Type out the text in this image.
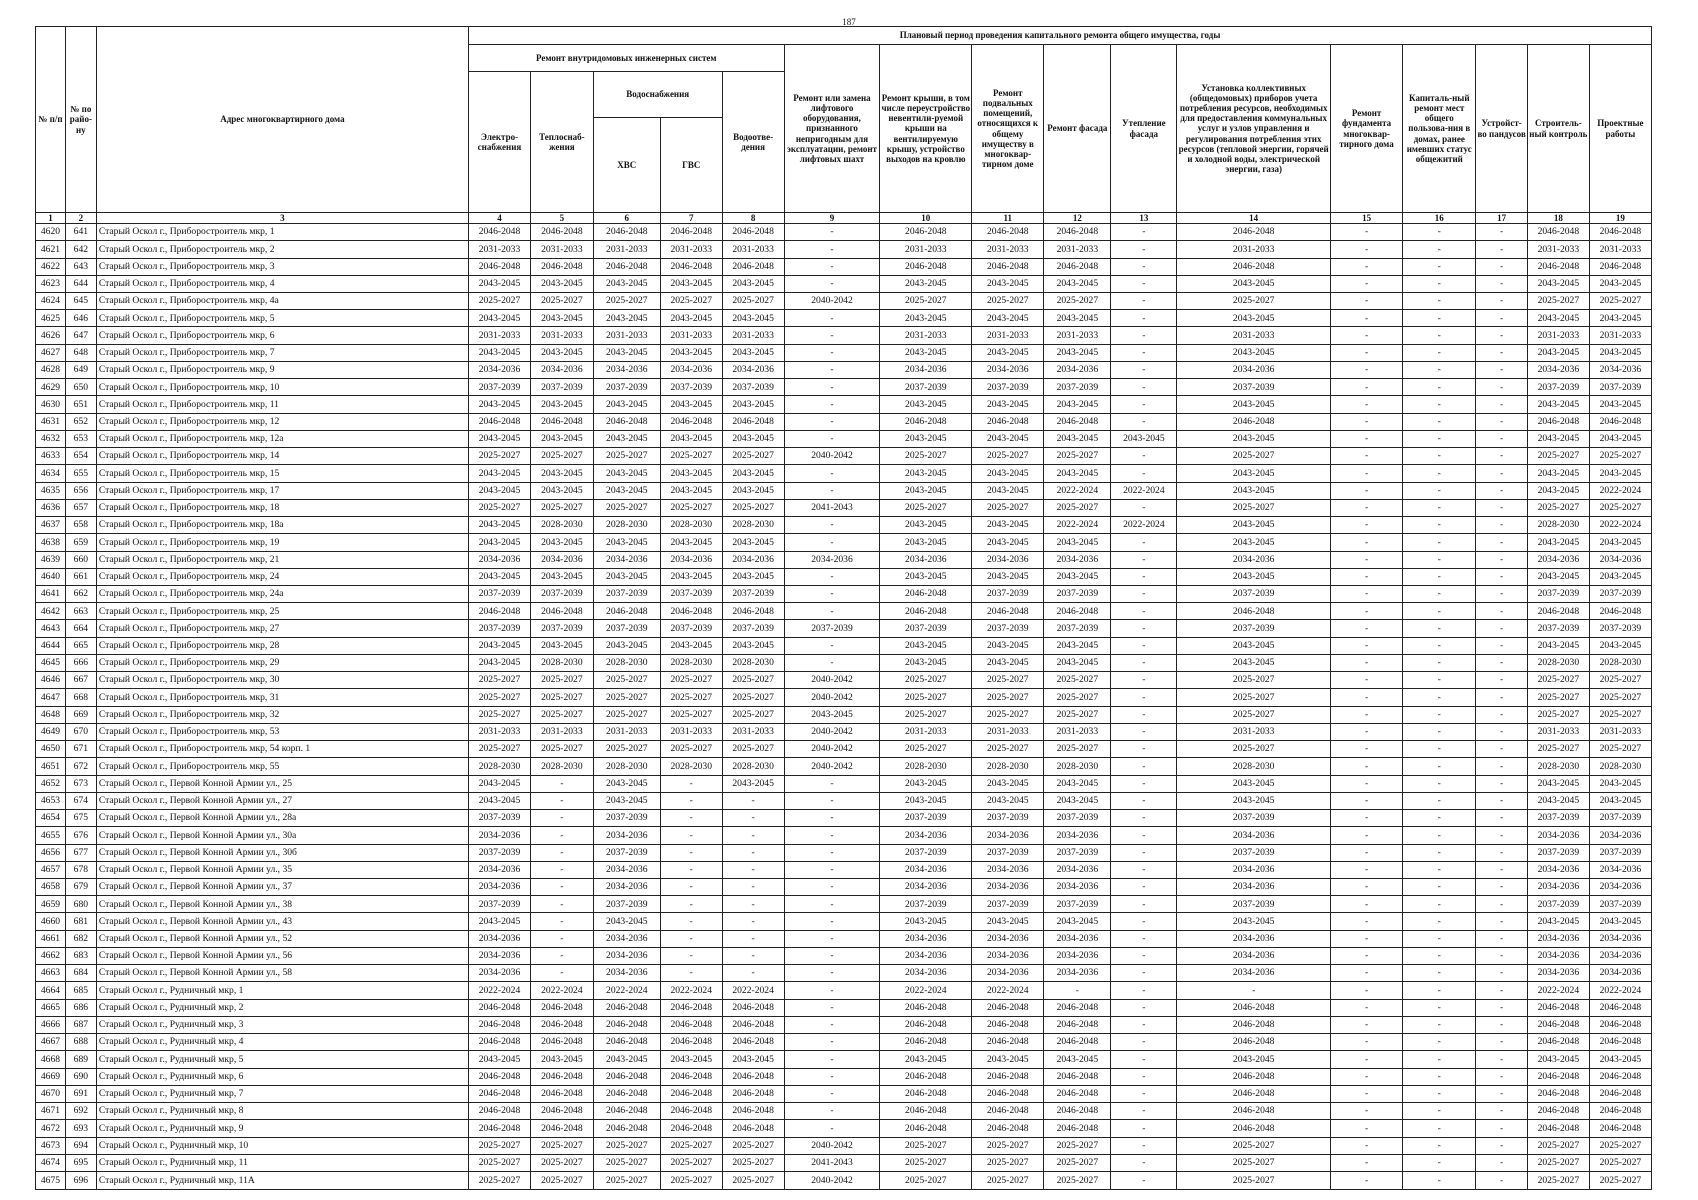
187
№ п/п	№ по райо-ну	Адрес многоквартирного дома	Плановый период проведения капитального ремонта общего имущества, годы															
			Ремонт внутридомовых инженерных систем					Ремонт или замена лифтового оборудования, признанного непригодным для эксплуатации, ремонт лифтовых шахт	Ремонт крыши, в том числе переустройство невентили-руемой крыши на вентилируемую крышу, устройство выходов на кровлю	Ремонт подвальных помещений, относящихся к общему имуществу в многоквар-тирном доме	Ремонт фасада	Утепление фасада	Установка коллективных (общедомовых) приборов учета потребления ресурсов, необходимых для предоставления коммунальных услуг и узлов управления и регулирования потребления этих ресурсов (тепловой энергии, горячей и холодной воды, электрической энергии, газа)	Ремонт фундамента многоквар-тирного дома	Капиталь-ный ремонт мест общего пользова-ния в домах, ранее имевших статус общежитий	Устройст-во пандусов	Строитель-ный контроль	Проектные работы
			Электро-снабжения	Теплоснаб-жения	Водоснабжения		Водоотве-дения											
					ХВС	ГВС												
1	2	3	4	5	6	7	8	9	10	11	12	13	14	15	16	17	18	19
4620	641	Старый Оскол г., Приборостроитель мкр, 1	2046-2048	2046-2048	2046-2048	2046-2048	2046-2048	-	2046-2048	2046-2048	2046-2048	-	2046-2048	-	-	-	2046-2048	2046-2048
4621	642	Старый Оскол г., Приборостроитель мкр, 2	2031-2033	2031-2033	2031-2033	2031-2033	2031-2033	-	2031-2033	2031-2033	2031-2033	-	2031-2033	-	-	-	2031-2033	2031-2033
4622	643	Старый Оскол г., Приборостроитель мкр, 3	2046-2048	2046-2048	2046-2048	2046-2048	2046-2048	-	2046-2048	2046-2048	2046-2048	-	2046-2048	-	-	-	2046-2048	2046-2048
4623	644	Старый Оскол г., Приборостроитель мкр, 4	2043-2045	2043-2045	2043-2045	2043-2045	2043-2045	-	2043-2045	2043-2045	2043-2045	-	2043-2045	-	-	-	2043-2045	2043-2045
4624	645	Старый Оскол г., Приборостроитель мкр, 4а	2025-2027	2025-2027	2025-2027	2025-2027	2025-2027	2040-2042	2025-2027	2025-2027	2025-2027	-	2025-2027	-	-	-	2025-2027	2025-2027
4625	646	Старый Оскол г., Приборостроитель мкр, 5	2043-2045	2043-2045	2043-2045	2043-2045	2043-2045	-	2043-2045	2043-2045	2043-2045	-	2043-2045	-	-	-	2043-2045	2043-2045
4626	647	Старый Оскол г., Приборостроитель мкр, 6	2031-2033	2031-2033	2031-2033	2031-2033	2031-2033	-	2031-2033	2031-2033	2031-2033	-	2031-2033	-	-	-	2031-2033	2031-2033
4627	648	Старый Оскол г., Приборостроитель мкр, 7	2043-2045	2043-2045	2043-2045	2043-2045	2043-2045	-	2043-2045	2043-2045	2043-2045	-	2043-2045	-	-	-	2043-2045	2043-2045
4628	649	Старый Оскол г., Приборостроитель мкр, 9	2034-2036	2034-2036	2034-2036	2034-2036	2034-2036	-	2034-2036	2034-2036	2034-2036	-	2034-2036	-	-	-	2034-2036	2034-2036
4629	650	Старый Оскол г., Приборостроитель мкр, 10	2037-2039	2037-2039	2037-2039	2037-2039	2037-2039	-	2037-2039	2037-2039	2037-2039	-	2037-2039	-	-	-	2037-2039	2037-2039
4630	651	Старый Оскол г., Приборостроитель мкр, 11	2043-2045	2043-2045	2043-2045	2043-2045	2043-2045	-	2043-2045	2043-2045	2043-2045	-	2043-2045	-	-	-	2043-2045	2043-2045
4631	652	Старый Оскол г., Приборостроитель мкр, 12	2046-2048	2046-2048	2046-2048	2046-2048	2046-2048	-	2046-2048	2046-2048	2046-2048	-	2046-2048	-	-	-	2046-2048	2046-2048
4632	653	Старый Оскол г., Приборостроитель мкр, 12а	2043-2045	2043-2045	2043-2045	2043-2045	2043-2045	-	2043-2045	2043-2045	2043-2045	2043-2045	2043-2045	-	-	-	2043-2045	2043-2045
4633	654	Старый Оскол г., Приборостроитель мкр, 14	2025-2027	2025-2027	2025-2027	2025-2027	2025-2027	2040-2042	2025-2027	2025-2027	2025-2027	-	2025-2027	-	-	-	2025-2027	2025-2027
4634	655	Старый Оскол г., Приборостроитель мкр, 15	2043-2045	2043-2045	2043-2045	2043-2045	2043-2045	-	2043-2045	2043-2045	2043-2045	-	2043-2045	-	-	-	2043-2045	2043-2045
4635	656	Старый Оскол г., Приборостроитель мкр, 17	2043-2045	2043-2045	2043-2045	2043-2045	2043-2045	-	2043-2045	2043-2045	2022-2024	2022-2024	2043-2045	-	-	-	2043-2045	2022-2024
4636	657	Старый Оскол г., Приборостроитель мкр, 18	2025-2027	2025-2027	2025-2027	2025-2027	2025-2027	2041-2043	2025-2027	2025-2027	2025-2027	-	2025-2027	-	-	-	2025-2027	2025-2027
4637	658	Старый Оскол г., Приборостроитель мкр, 18а	2043-2045	2028-2030	2028-2030	2028-2030	2028-2030	-	2043-2045	2043-2045	2022-2024	2022-2024	2043-2045	-	-	-	2028-2030	2022-2024
4638	659	Старый Оскол г., Приборостроитель мкр, 19	2043-2045	2043-2045	2043-2045	2043-2045	2043-2045	-	2043-2045	2043-2045	2043-2045	-	2043-2045	-	-	-	2043-2045	2043-2045
4639	660	Старый Оскол г., Приборостроитель мкр, 21	2034-2036	2034-2036	2034-2036	2034-2036	2034-2036	2034-2036	2034-2036	2034-2036	2034-2036	-	2034-2036	-	-	-	2034-2036	2034-2036
4640	661	Старый Оскол г., Приборостроитель мкр, 24	2043-2045	2043-2045	2043-2045	2043-2045	2043-2045	-	2043-2045	2043-2045	2043-2045	-	2043-2045	-	-	-	2043-2045	2043-2045
4641	662	Старый Оскол г., Приборостроитель мкр, 24а	2037-2039	2037-2039	2037-2039	2037-2039	2037-2039	-	2046-2048	2037-2039	2037-2039	-	2037-2039	-	-	-	2037-2039	2037-2039
4642	663	Старый Оскол г., Приборостроитель мкр, 25	2046-2048	2046-2048	2046-2048	2046-2048	2046-2048	-	2046-2048	2046-2048	2046-2048	-	2046-2048	-	-	-	2046-2048	2046-2048
4643	664	Старый Оскол г., Приборостроитель мкр, 27	2037-2039	2037-2039	2037-2039	2037-2039	2037-2039	2037-2039	2037-2039	2037-2039	2037-2039	-	2037-2039	-	-	-	2037-2039	2037-2039
4644	665	Старый Оскол г., Приборостроитель мкр, 28	2043-2045	2043-2045	2043-2045	2043-2045	2043-2045	-	2043-2045	2043-2045	2043-2045	-	2043-2045	-	-	-	2043-2045	2043-2045
4645	666	Старый Оскол г., Приборостроитель мкр, 29	2043-2045	2028-2030	2028-2030	2028-2030	2028-2030	-	2043-2045	2043-2045	2043-2045	-	2043-2045	-	-	-	2028-2030	2028-2030
4646	667	Старый Оскол г., Приборостроитель мкр, 30	2025-2027	2025-2027	2025-2027	2025-2027	2025-2027	2040-2042	2025-2027	2025-2027	2025-2027	-	2025-2027	-	-	-	2025-2027	2025-2027
4647	668	Старый Оскол г., Приборостроитель мкр, 31	2025-2027	2025-2027	2025-2027	2025-2027	2025-2027	2040-2042	2025-2027	2025-2027	2025-2027	-	2025-2027	-	-	-	2025-2027	2025-2027
4648	669	Старый Оскол г., Приборостроитель мкр, 32	2025-2027	2025-2027	2025-2027	2025-2027	2025-2027	2043-2045	2025-2027	2025-2027	2025-2027	-	2025-2027	-	-	-	2025-2027	2025-2027
4649	670	Старый Оскол г., Приборостроитель мкр, 53	2031-2033	2031-2033	2031-2033	2031-2033	2031-2033	2040-2042	2031-2033	2031-2033	2031-2033	-	2031-2033	-	-	-	2031-2033	2031-2033
4650	671	Старый Оскол г., Приборостроитель мкр, 54 корп. 1	2025-2027	2025-2027	2025-2027	2025-2027	2025-2027	2040-2042	2025-2027	2025-2027	2025-2027	-	2025-2027	-	-	-	2025-2027	2025-2027
4651	672	Старый Оскол г., Приборостроитель мкр, 55	2028-2030	2028-2030	2028-2030	2028-2030	2028-2030	2040-2042	2028-2030	2028-2030	2028-2030	-	2028-2030	-	-	-	2028-2030	2028-2030
4652	673	Старый Оскол г., Первой Конной Армии ул., 25	2043-2045	-	2043-2045	-	2043-2045	-	2043-2045	2043-2045	2043-2045	-	2043-2045	-	-	-	2043-2045	2043-2045
4653	674	Старый Оскол г., Первой Конной Армии ул., 27	2043-2045	-	2043-2045	-	-	-	2043-2045	2043-2045	2043-2045	-	2043-2045	-	-	-	2043-2045	2043-2045
4654	675	Старый Оскол г., Первой Конной Армии ул., 28а	2037-2039	-	2037-2039	-	-	-	2037-2039	2037-2039	2037-2039	-	2037-2039	-	-	-	2037-2039	2037-2039
4655	676	Старый Оскол г., Первой Конной Армии ул., 30а	2034-2036	-	2034-2036	-	-	-	2034-2036	2034-2036	2034-2036	-	2034-2036	-	-	-	2034-2036	2034-2036
4656	677	Старый Оскол г., Первой Конной Армии ул., 30б	2037-2039	-	2037-2039	-	-	-	2037-2039	2037-2039	2037-2039	-	2037-2039	-	-	-	2037-2039	2037-2039
4657	678	Старый Оскол г., Первой Конной Армии ул., 35	2034-2036	-	2034-2036	-	-	-	2034-2036	2034-2036	2034-2036	-	2034-2036	-	-	-	2034-2036	2034-2036
4658	679	Старый Оскол г., Первой Конной Армии ул., 37	2034-2036	-	2034-2036	-	-	-	2034-2036	2034-2036	2034-2036	-	2034-2036	-	-	-	2034-2036	2034-2036
4659	680	Старый Оскол г., Первой Конной Армии ул., 38	2037-2039	-	2037-2039	-	-	-	2037-2039	2037-2039	2037-2039	-	2037-2039	-	-	-	2037-2039	2037-2039
4660	681	Старый Оскол г., Первой Конной Армии ул., 43	2043-2045	-	2043-2045	-	-	-	2043-2045	2043-2045	2043-2045	-	2043-2045	-	-	-	2043-2045	2043-2045
4661	682	Старый Оскол г., Первой Конной Армии ул., 52	2034-2036	-	2034-2036	-	-	-	2034-2036	2034-2036	2034-2036	-	2034-2036	-	-	-	2034-2036	2034-2036
4662	683	Старый Оскол г., Первой Конной Армии ул., 56	2034-2036	-	2034-2036	-	-	-	2034-2036	2034-2036	2034-2036	-	2034-2036	-	-	-	2034-2036	2034-2036
4663	684	Старый Оскол г., Первой Конной Армии ул., 58	2034-2036	-	2034-2036	-	-	-	2034-2036	2034-2036	2034-2036	-	2034-2036	-	-	-	2034-2036	2034-2036
4664	685	Старый Оскол г., Рудничный мкр, 1	2022-2024	2022-2024	2022-2024	2022-2024	2022-2024	-	2022-2024	2022-2024	-	-	-	-	-	-	2022-2024	2022-2024
4665	686	Старый Оскол г., Рудничный мкр, 2	2046-2048	2046-2048	2046-2048	2046-2048	2046-2048	-	2046-2048	2046-2048	2046-2048	-	2046-2048	-	-	-	2046-2048	2046-2048
4666	687	Старый Оскол г., Рудничный мкр, 3	2046-2048	2046-2048	2046-2048	2046-2048	2046-2048	-	2046-2048	2046-2048	2046-2048	-	2046-2048	-	-	-	2046-2048	2046-2048
4667	688	Старый Оскол г., Рудничный мкр, 4	2046-2048	2046-2048	2046-2048	2046-2048	2046-2048	-	2046-2048	2046-2048	2046-2048	-	2046-2048	-	-	-	2046-2048	2046-2048
4668	689	Старый Оскол г., Рудничный мкр, 5	2043-2045	2043-2045	2043-2045	2043-2045	2043-2045	-	2043-2045	2043-2045	2043-2045	-	2043-2045	-	-	-	2043-2045	2043-2045
4669	690	Старый Оскол г., Рудничный мкр, 6	2046-2048	2046-2048	2046-2048	2046-2048	2046-2048	-	2046-2048	2046-2048	2046-2048	-	2046-2048	-	-	-	2046-2048	2046-2048
4670	691	Старый Оскол г., Рудничный мкр, 7	2046-2048	2046-2048	2046-2048	2046-2048	2046-2048	-	2046-2048	2046-2048	2046-2048	-	2046-2048	-	-	-	2046-2048	2046-2048
4671	692	Старый Оскол г., Рудничный мкр, 8	2046-2048	2046-2048	2046-2048	2046-2048	2046-2048	-	2046-2048	2046-2048	2046-2048	-	2046-2048	-	-	-	2046-2048	2046-2048
4672	693	Старый Оскол г., Рудничный мкр, 9	2046-2048	2046-2048	2046-2048	2046-2048	2046-2048	-	2046-2048	2046-2048	2046-2048	-	2046-2048	-	-	-	2046-2048	2046-2048
4673	694	Старый Оскол г., Рудничный мкр, 10	2025-2027	2025-2027	2025-2027	2025-2027	2025-2027	2040-2042	2025-2027	2025-2027	2025-2027	-	2025-2027	-	-	-	2025-2027	2025-2027
4674	695	Старый Оскол г., Рудничный мкр, 11	2025-2027	2025-2027	2025-2027	2025-2027	2025-2027	2041-2043	2025-2027	2025-2027	2025-2027	-	2025-2027	-	-	-	2025-2027	2025-2027
4675	696	Старый Оскол г., Рудничный мкр, 11А	2025-2027	2025-2027	2025-2027	2025-2027	2025-2027	2040-2042	2025-2027	2025-2027	2025-2027	-	2025-2027	-	-	-	2025-2027	2025-2027
